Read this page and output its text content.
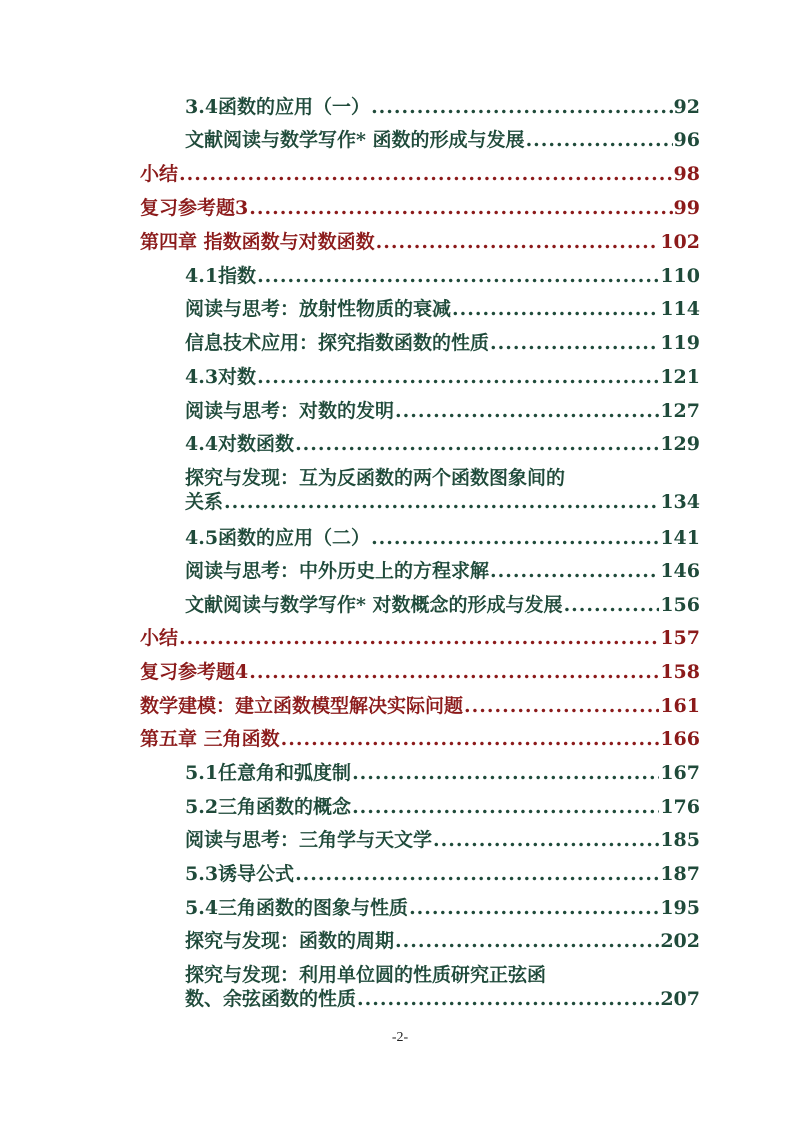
3.4函数的应用（一） .....	92
文献阅读与数学写作* 函数的形成与发展 .....	96
小结 .....	98
复习参考题3 .....	99
第四章 指数函数与对数函数 .....	102
4.1指数 .....	110
阅读与思考：放射性物质的衰减 .....	114
信息技术应用：探究指数函数的性质 .....	119
4.3对数 .....	121
阅读与思考：对数的发明 .....	127
4.4对数函数 .....	129
探究与发现：互为反函数的两个函数图象间的
关系 .....	134
4.5函数的应用（二） .....	141
阅读与思考：中外历史上的方程求解 .....	146
文献阅读与数学写作* 对数概念的形成与发展 .....	156
小结 .....	157
复习参考题4 .....	158
数学建模：建立函数模型解决实际问题 .....	161
第五章 三角函数 .....	166
5.1任意角和弧度制 .....	167
5.2三角函数的概念 .....	176
阅读与思考：三角学与天文学 .....	185
5.3诱导公式 .....	187
5.4三角函数的图象与性质 .....	195
探究与发现：函数的周期 .....	202
探究与发现：利用单位圆的性质研究正弦函
数、余弦函数的性质 .....	207
-2-
